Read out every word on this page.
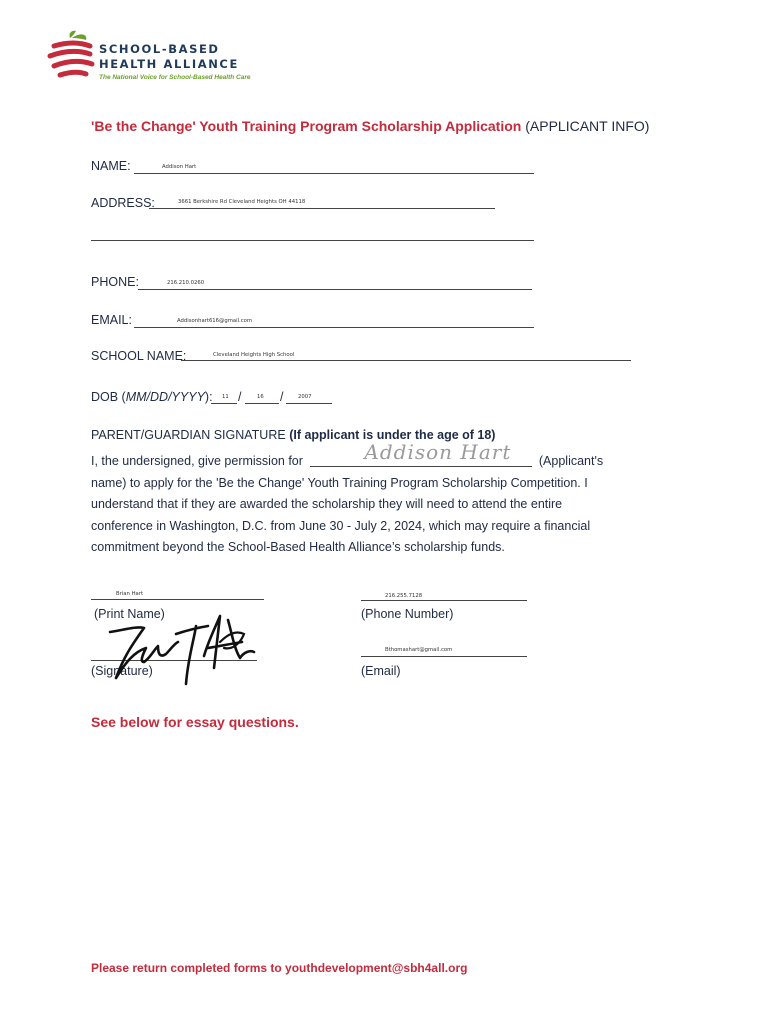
SCHOOL-BASED
HEALTH ALLIANCE
The National Voice for School-Based Health Care
'Be the Change' Youth Training Program Scholarship Application (APPLICANT INFO)
NAME:	Addison Hart
ADDRESS:	3661 Berkshire Rd Cleveland Heights OH 44118
PHONE:	216.210.0260
EMAIL:	Addisonhart616@gmail.com
SCHOOL NAME:	Cleveland Heights High School
DOB (MM/DD/YYYY): 11 /	16 /	2007
PARENT/GUARDIAN SIGNATURE (If applicant is under the age of 18)
I, the undersigned, give permission for	Addison Hart (Applicant's
name) to apply for the 'Be the Change' Youth Training Program Scholarship Competition. I
understand that if they are awarded the scholarship they will need to attend the entire
conference in Washington, D.C. from June 30 - July 2, 2024, which may require a financial
commitment beyond the School-Based Health Alliance’s scholarship funds.
Brian Hart
(Print Name)
216.255.7128
(Phone Number)
(Signature)
Bthomashart@gmail.com
(Email)
See below for essay questions.
Please return completed forms to youthdevelopment@sbh4all.org
